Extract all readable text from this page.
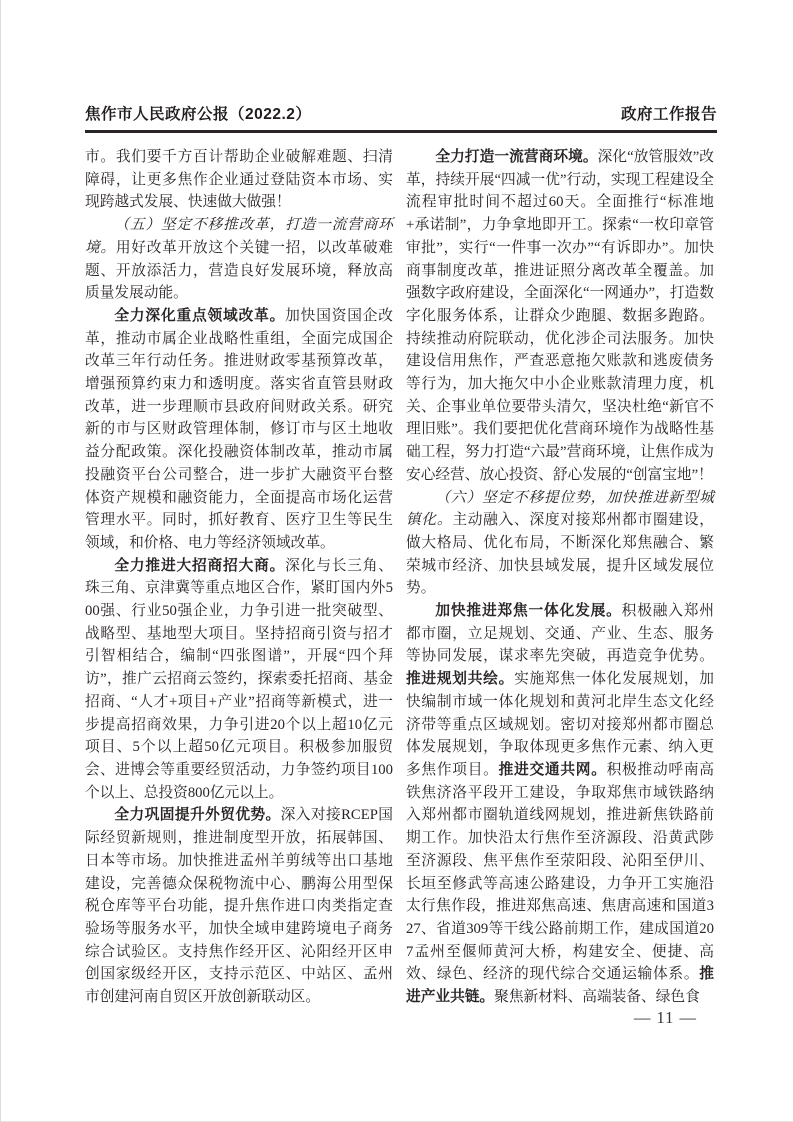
焦作市人民政府公报（2022.2）	政府工作报告

市。我们要千方百计帮助企业破解难题、扫清障碍，让更多焦作企业通过登陆资本市场、实现跨越式发展、快速做大做强！

（五）坚定不移推改革，打造一流营商环境。用好改革开放这个关键一招，以改革破难题、开放添活力，营造良好发展环境，释放高质量发展动能。

全力深化重点领域改革。加快国资国企改革，推动市属企业战略性重组，全面完成国企改革三年行动任务。推进财政零基预算改革，增强预算约束力和透明度。落实省直管县财政改革，进一步理顺市县政府间财政关系。研究新的市与区财政管理体制，修订市与区土地收益分配政策。深化投融资体制改革，推动市属投融资平台公司整合，进一步扩大融资平台整体资产规模和融资能力，全面提高市场化运营管理水平。同时，抓好教育、医疗卫生等民生领域，和价格、电力等经济领域改革。

全力推进大招商招大商。深化与长三角、珠三角、京津冀等重点地区合作，紧盯国内外500强、行业50强企业，力争引进一批突破型、战略型、基地型大项目。坚持招商引资与招才引智相结合，编制“四张图谱”，开展“四个拜访”，推广云招商云签约，探索委托招商、基金招商、“人才+项目+产业”招商等新模式，进一步提高招商效果，力争引进20个以上超10亿元项目、5个以上超50亿元项目。积极参加服贸会、进博会等重要经贸活动，力争签约项目100个以上、总投资800亿元以上。

全力巩固提升外贸优势。深入对接RCEP国际经贸新规则，推进制度型开放，拓展韩国、日本等市场。加快推进孟州羊剪绒等出口基地建设，完善德众保税物流中心、鹏海公用型保税仓库等平台功能，提升焦作进口肉类指定查验场等服务水平，加快全域申建跨境电子商务综合试验区。支持焦作经开区、沁阳经开区申创国家级经开区，支持示范区、中站区、孟州市创建河南自贸区开放创新联动区。

全力打造一流营商环境。深化“放管服效”改革，持续开展“四减一优”行动，实现工程建设全流程审批时间不超过60天。全面推行“标准地+承诺制”，力争拿地即开工。探索“一枚印章管审批”，实行“一件事一次办”“有诉即办”。加快商事制度改革，推进证照分离改革全覆盖。加强数字政府建设，全面深化“一网通办”，打造数字化服务体系，让群众少跑腿、数据多跑路。持续推动府院联动，优化涉企司法服务。加快建设信用焦作，严查恶意拖欠账款和逃废债务等行为，加大拖欠中小企业账款清理力度，机关、企事业单位要带头清欠，坚决杜绝“新官不理旧账”。我们要把优化营商环境作为战略性基础工程，努力打造“六最”营商环境，让焦作成为安心经营、放心投资、舒心发展的“创富宝地”！

（六）坚定不移提位势，加快推进新型城镇化。主动融入、深度对接郑州都市圈建设，做大格局、优化布局，不断深化郑焦融合、繁荣城市经济、加快县域发展，提升区域发展位势。

加快推进郑焦一体化发展。积极融入郑州都市圈，立足规划、交通、产业、生态、服务等协同发展，谋求率先突破，再造竞争优势。推进规划共绘。实施郑焦一体化发展规划，加快编制市域一体化规划和黄河北岸生态文化经济带等重点区域规划。密切对接郑州都市圈总体发展规划，争取体现更多焦作元素、纳入更多焦作项目。推进交通共网。积极推动呼南高铁焦济洛平段开工建设，争取郑焦市域铁路纳入郑州都市圈轨道线网规划，推进新焦铁路前期工作。加快沿太行焦作至济源段、沿黄武陟至济源段、焦平焦作至荥阳段、沁阳至伊川、长垣至修武等高速公路建设，力争开工实施沿太行焦作段，推进郑焦高速、焦唐高速和国道327、省道309等干线公路前期工作，建成国道207孟州至偃师黄河大桥，构建安全、便捷、高效、绿色、经济的现代综合交通运输体系。推进产业共链。聚焦新材料、高端装备、绿色食

— 11 —
